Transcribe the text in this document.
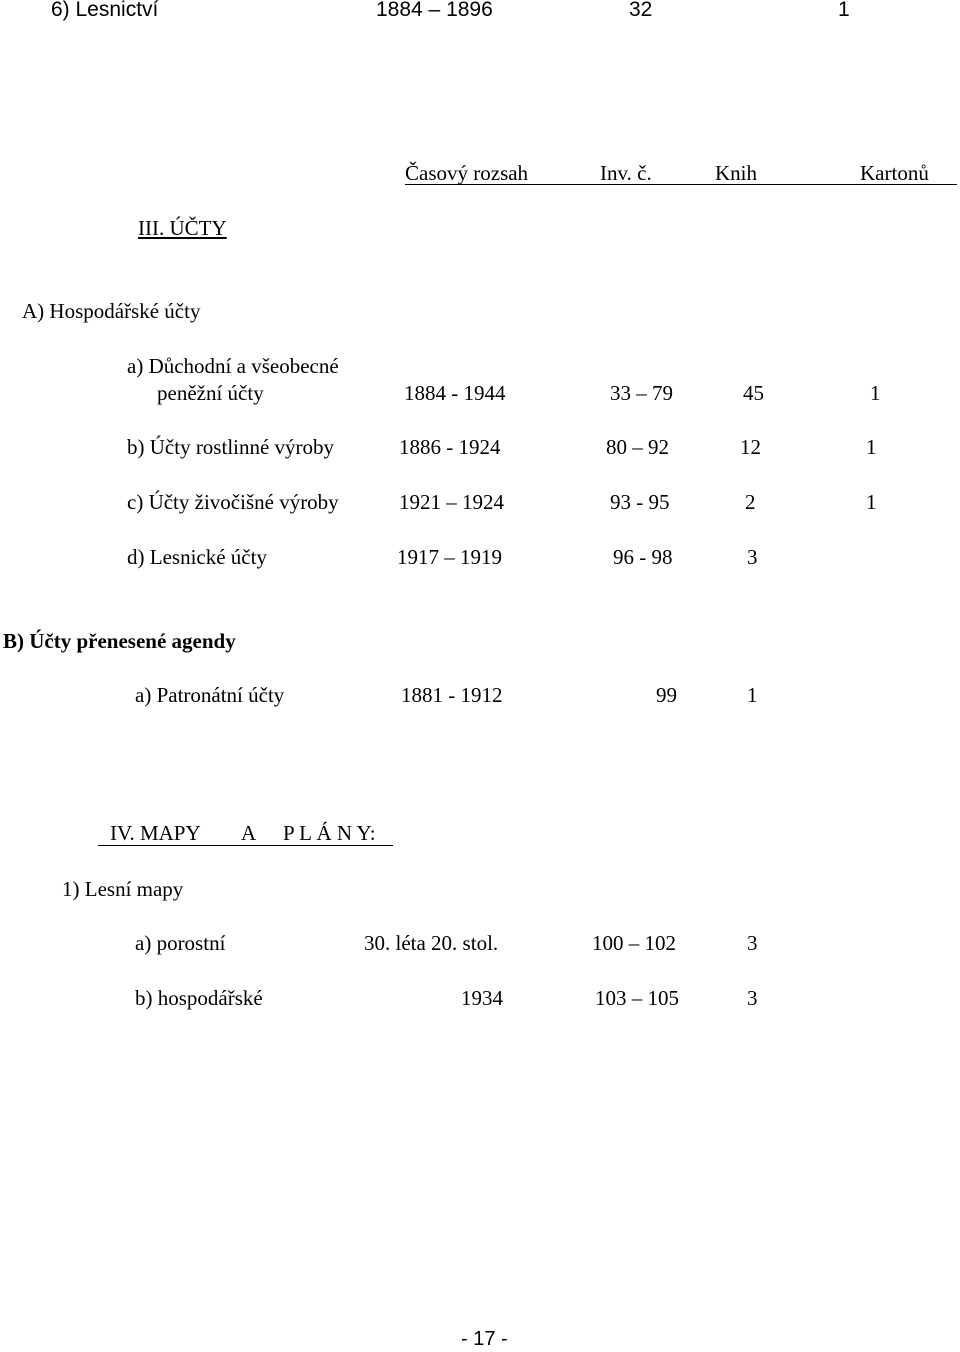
6) Lesnictví	1884 – 1896	32	1
Časový rozsah	Inv. č.	Knih	Kartonů
III. ÚČTY
A) Hospodářské účty
a) Důchodní a všeobecné
peněžní účty	1884 - 1944	33 – 79	45	1
b) Účty rostlinné výroby	1886 - 1924	80 – 92	12	1
c) Účty živočišné výroby	1921 – 1924	93 - 95	2	1
d) Lesnické účty	1917 – 1919	96 - 98	3
B) Účty přenesené agendy
a) Patronátní účty	1881 - 1912	99	1
IV. MAPY A P L Á N Y:
1) Lesní mapy
a) porostní	30. léta 20. stol.	100 – 102	3
b) hospodářské	1934	103 – 105	3
- 17 -
